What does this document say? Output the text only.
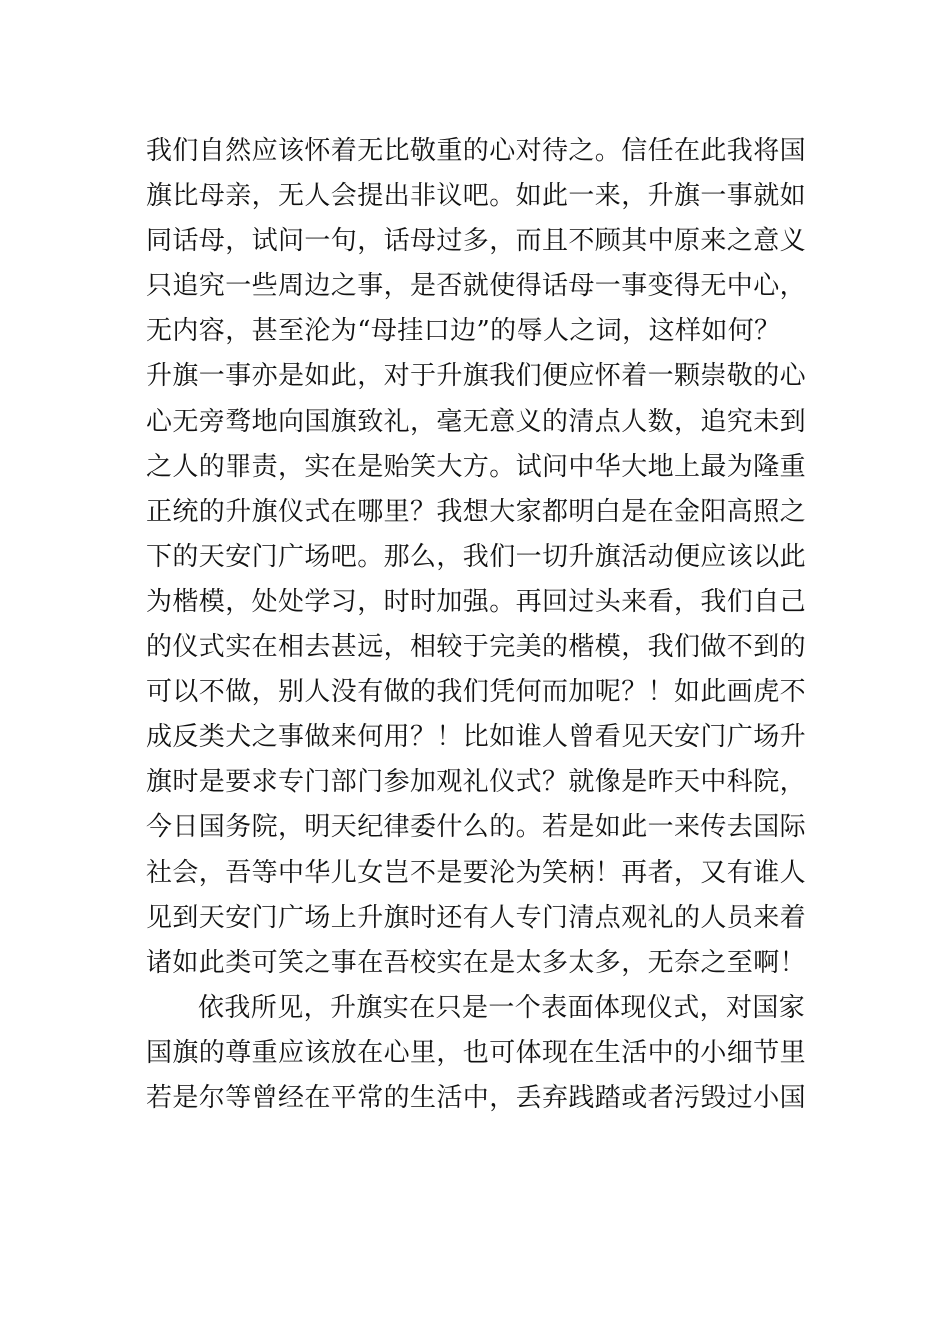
我们自然应该怀着无比敬重的心对待之。信任在此我将国
旗比母亲，无人会提出非议吧。如此一来，升旗一事就如
同话母，试问一句，话母过多，而且不顾其中原来之意义
只追究一些周边之事，是否就使得话母一事变得无中心，
无内容，甚至沦为“母挂口边”的辱人之词，这样如何？
升旗一事亦是如此，对于升旗我们便应怀着一颗崇敬的心
心无旁骛地向国旗致礼，毫无意义的清点人数，追究未到
之人的罪责，实在是贻笑大方。试问中华大地上最为隆重
正统的升旗仪式在哪里？我想大家都明白是在金阳高照之
下的天安门广场吧。那么，我们一切升旗活动便应该以此
为楷模，处处学习，时时加强。再回过头来看，我们自己
的仪式实在相去甚远，相较于完美的楷模，我们做不到的
可以不做，别人没有做的我们凭何而加呢？！如此画虎不
成反类犬之事做来何用？！比如谁人曾看见天安门广场升
旗时是要求专门部门参加观礼仪式？就像是昨天中科院，
今日国务院，明天纪律委什么的。若是如此一来传去国际
社会，吾等中华儿女岂不是要沦为笑柄！再者，又有谁人
见到天安门广场上升旗时还有人专门清点观礼的人员来着
诸如此类可笑之事在吾校实在是太多太多，无奈之至啊！
依我所见，升旗实在只是一个表面体现仪式，对国家
国旗的尊重应该放在心里，也可体现在生活中的小细节里
若是尔等曾经在平常的生活中，丢弃践踏或者污毁过小国
